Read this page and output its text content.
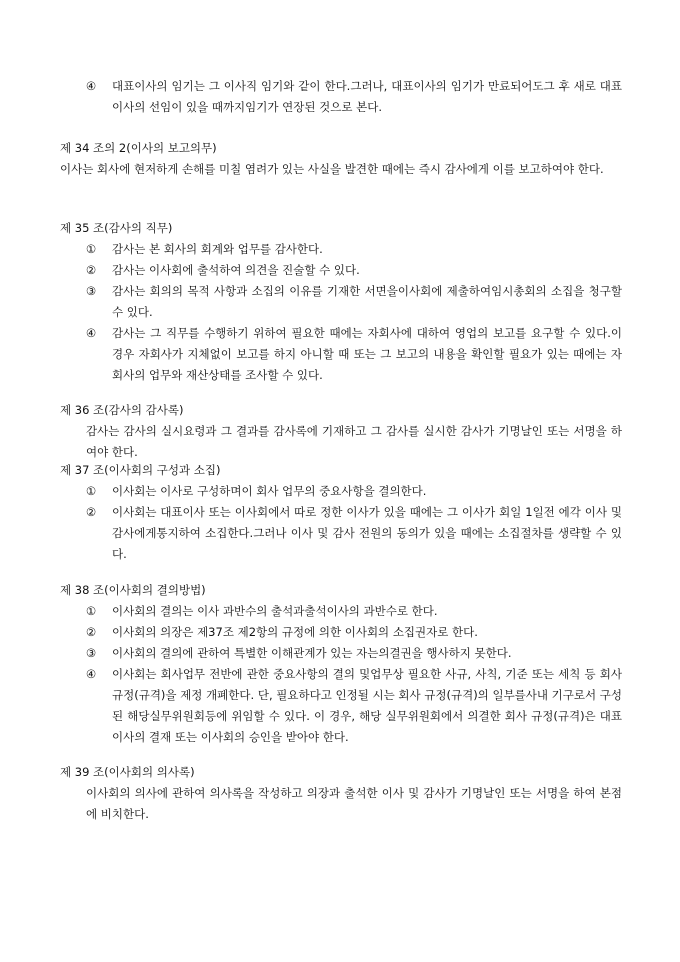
④	대표이사의 임기는 그 이사직 임기와 같이 한다.그러나, 대표이사의 임기가 만료되어도그 후 새로 대표이사의 선임이 있을 때까지임기가 연장된 것으로 본다.
제 34 조의 2(이사의 보고의무)
이사는 회사에 현저하게 손해를 미칠 염려가 있는 사실을 발견한 때에는 즉시 감사에게 이를 보고하여야 한다.
제 35 조(감사의 직무)
①	감사는 본 회사의 회계와 업무를 감사한다.
②	감사는 이사회에 출석하여 의견을 진술할 수 있다.
③	감사는 회의의 목적 사항과 소집의 이유를 기재한 서면을이사회에 제출하여임시총회의 소집을 청구할 수 있다.
④	감사는 그 직무를 수행하기 위하여 필요한 때에는 자회사에 대하여 영업의 보고를 요구할 수 있다.이 경우 자회사가 지체없이 보고를 하지 아니할 때 또는 그 보고의 내용을 확인할 필요가 있는 때에는 자회사의 업무와 재산상태를 조사할 수 있다.
제 36 조(감사의 감사록)
감사는 감사의 실시요령과 그 결과를 감사록에 기재하고 그 감사를 실시한 감사가 기명날인 또는 서명을 하여야 한다.
제 37 조(이사회의 구성과 소집)
①	이사회는 이사로 구성하며이 회사 업무의 중요사항을 결의한다.
②	이사회는 대표이사 또는 이사회에서 따로 정한 이사가 있을 때에는 그 이사가 회일 1일전 에각 이사 및 감사에게통지하여 소집한다.그러나 이사 및 감사 전원의 동의가 있을 때에는 소집절차를 생략할 수 있다.
제 38 조(이사회의 결의방법)
①	이사회의 결의는 이사 과반수의 출석과출석이사의 과반수로 한다.
②	이사회의 의장은 제37조 제2항의 규정에 의한 이사회의 소집권자로 한다.
③	이사회의 결의에 관하여 특별한 이해관계가 있는 자는의결권을 행사하지 못한다.
④	이사회는 회사업무 전반에 관한 중요사항의 결의 및업무상 필요한 사규, 사칙, 기준 또는 세칙 등 회사규정(규격)을 제정 개폐한다. 단, 필요하다고 인정될 시는 회사 규정(규격)의 일부를사내 기구로서 구성 된 해당실무위원회등에 위임할 수 있다. 이 경우, 해당 실무위원회에서 의결한 회사 규정(규격)은 대표이사의 결재 또는 이사회의 승인을 받아야 한다.
제 39 조(이사회의 의사록)
이사회의 의사에 관하여 의사록을 작성하고 의장과 출석한 이사 및 감사가 기명날인 또는 서명을 하여 본점에 비치한다.
